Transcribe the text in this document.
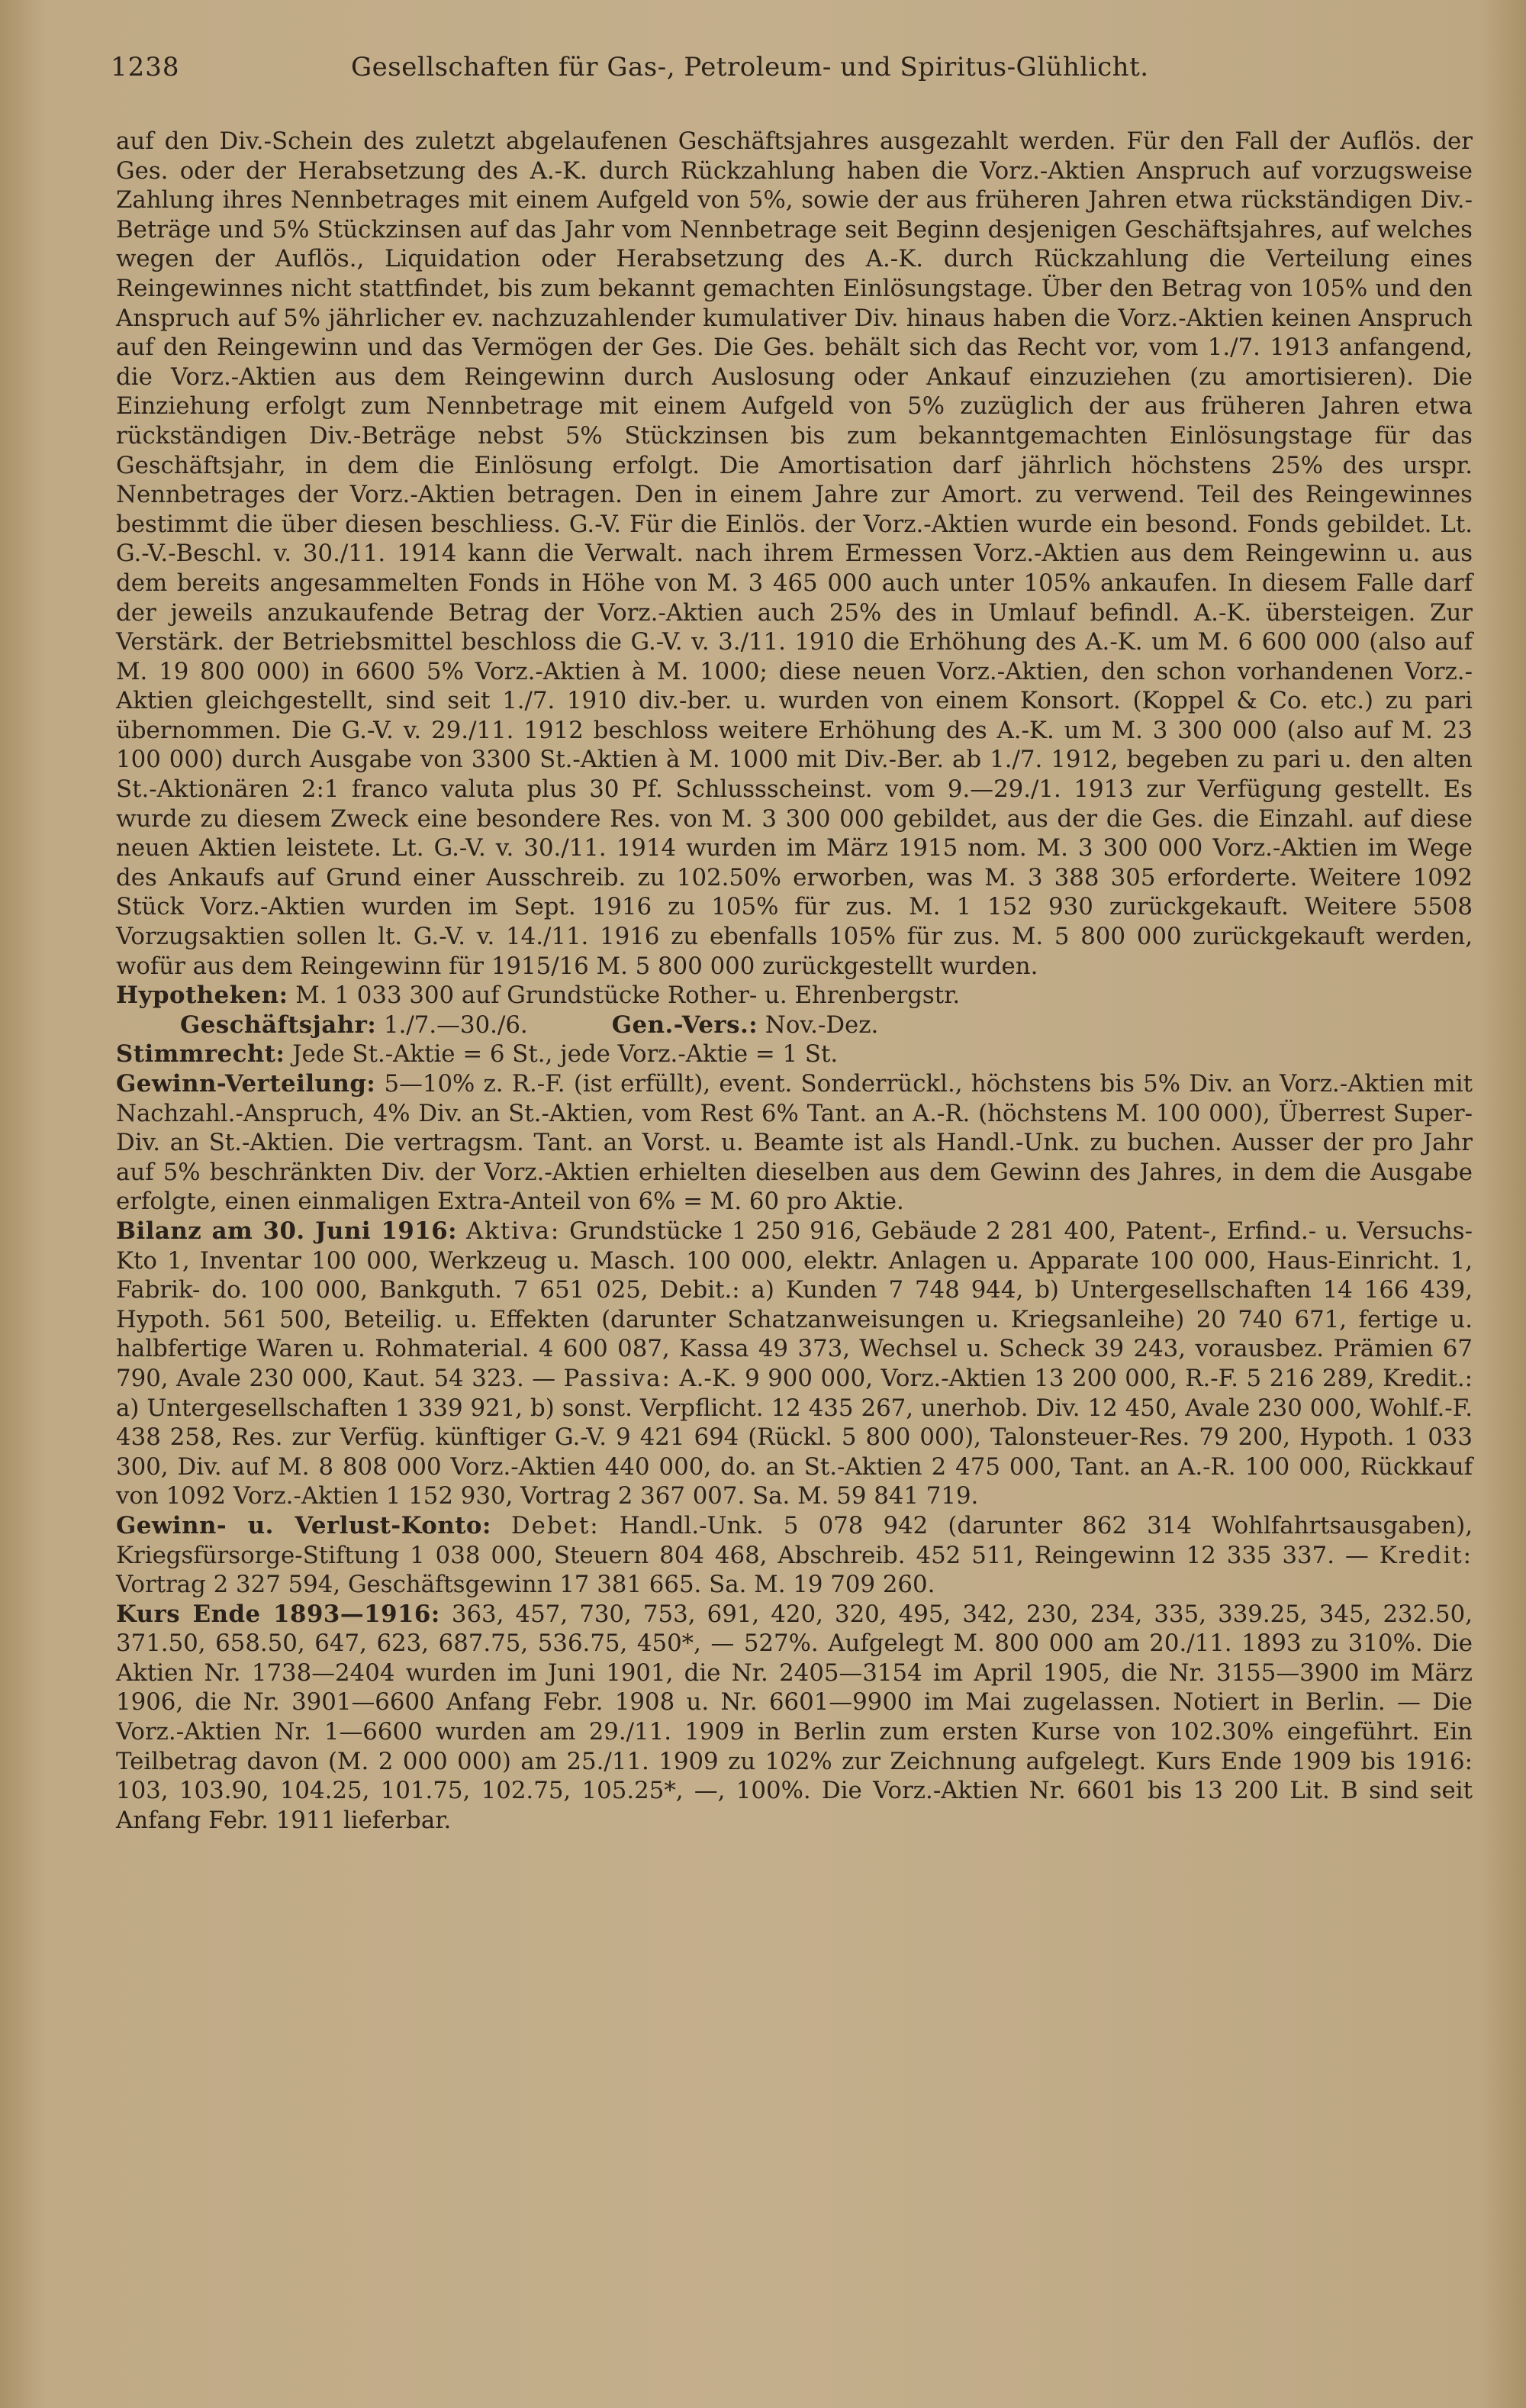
1238	Gesellschaften für Gas-, Petroleum- und Spiritus-Glühlicht.

auf den Div.-Schein des zuletzt abgelaufenen Geschäftsjahres ausgezahlt werden. Für den Fall der Auflös. der Ges. oder der Herabsetzung des A.-K. durch Rückzahlung haben die Vorz.-Aktien Anspruch auf vorzugsweise Zahlung ihres Nennbetrages mit einem Aufgeld von 5%, sowie der aus früheren Jahren etwa rückständigen Div.-Beträge und 5% Stückzinsen auf das Jahr vom Nennbetrage seit Beginn desjenigen Geschäftsjahres, auf welches wegen der Auflös., Liquidation oder Herabsetzung des A.-K. durch Rückzahlung die Verteilung eines Reingewinnes nicht stattfindet, bis zum bekannt gemachten Einlösungstage. Über den Betrag von 105% und den Anspruch auf 5% jährlicher ev. nachzuzahlender kumulativer Div. hinaus haben die Vorz.-Aktien keinen Anspruch auf den Reingewinn und das Vermögen der Ges. Die Ges. behält sich das Recht vor, vom 1./7. 1913 anfangend, die Vorz.-Aktien aus dem Reingewinn durch Auslosung oder Ankauf einzuziehen (zu amortisieren). Die Einziehung erfolgt zum Nennbetrage mit einem Aufgeld von 5% zuzüglich der aus früheren Jahren etwa rückständigen Div.-Beträge nebst 5% Stückzinsen bis zum bekanntgemachten Einlösungstage für das Geschäftsjahr, in dem die Einlösung erfolgt. Die Amortisation darf jährlich höchstens 25% des urspr. Nennbetrages der Vorz.-Aktien betragen. Den in einem Jahre zur Amort. zu verwend. Teil des Reingewinnes bestimmt die über diesen beschliess. G.-V. Für die Einlös. der Vorz.-Aktien wurde ein besond. Fonds gebildet. Lt. G.-V.-Beschl. v. 30./11. 1914 kann die Verwalt. nach ihrem Ermessen Vorz.-Aktien aus dem Reingewinn u. aus dem bereits angesammelten Fonds in Höhe von M. 3 465 000 auch unter 105% ankaufen. In diesem Falle darf der jeweils anzukaufende Betrag der Vorz.-Aktien auch 25% des in Umlauf befindl. A.-K. übersteigen. Zur Verstärk. der Betriebsmittel beschloss die G.-V. v. 3./11. 1910 die Erhöhung des A.-K. um M. 6 600 000 (also auf M. 19 800 000) in 6600 5% Vorz.-Aktien à M. 1000; diese neuen Vorz.-Aktien, den schon vorhandenen Vorz.-Aktien gleichgestellt, sind seit 1./7. 1910 div.-ber. u. wurden von einem Konsort. (Koppel & Co. etc.) zu pari übernommen. Die G.-V. v. 29./11. 1912 beschloss weitere Erhöhung des A.-K. um M. 3 300 000 (also auf M. 23 100 000) durch Ausgabe von 3300 St.-Aktien à M. 1000 mit Div.-Ber. ab 1./7. 1912, begeben zu pari u. den alten St.-Aktionären 2:1 franco valuta plus 30 Pf. Schlussscheinst. vom 9.—29./1. 1913 zur Verfügung gestellt. Es wurde zu diesem Zweck eine besondere Res. von M. 3 300 000 gebildet, aus der die Ges. die Einzahl. auf diese neuen Aktien leistete. Lt. G.-V. v. 30./11. 1914 wurden im März 1915 nom. M. 3 300 000 Vorz.-Aktien im Wege des Ankaufs auf Grund einer Ausschreib. zu 102.50% erworben, was M. 3 388 305 erforderte. Weitere 1092 Stück Vorz.-Aktien wurden im Sept. 1916 zu 105% für zus. M. 1 152 930 zurückgekauft. Weitere 5508 Vorzugsaktien sollen lt. G.-V. v. 14./11. 1916 zu ebenfalls 105% für zus. M. 5 800 000 zurückgekauft werden, wofür aus dem Reingewinn für 1915/16 M. 5 800 000 zurückgestellt wurden.

Hypotheken: M. 1 033 300 auf Grundstücke Rother- u. Ehrenbergstr.

Geschäftsjahr: 1./7.—30./6.	Gen.-Vers.: Nov.-Dez.

Stimmrecht: Jede St.-Aktie = 6 St., jede Vorz.-Aktie = 1 St.

Gewinn-Verteilung: 5—10% z. R.-F. (ist erfüllt), event. Sonderrückl., höchstens bis 5% Div. an Vorz.-Aktien mit Nachzahl.-Anspruch, 4% Div. an St.-Aktien, vom Rest 6% Tant. an A.-R. (höchstens M. 100 000), Überrest Super-Div. an St.-Aktien. Die vertragsm. Tant. an Vorst. u. Beamte ist als Handl.-Unk. zu buchen. Ausser der pro Jahr auf 5% beschränkten Div. der Vorz.-Aktien erhielten dieselben aus dem Gewinn des Jahres, in dem die Ausgabe erfolgte, einen einmaligen Extra-Anteil von 6% = M. 60 pro Aktie.

Bilanz am 30. Juni 1916: Aktiva: Grundstücke 1 250 916, Gebäude 2 281 400, Patent-, Erfind.- u. Versuchs-Kto 1, Inventar 100 000, Werkzeug u. Masch. 100 000, elektr. Anlagen u. Apparate 100 000, Haus-Einricht. 1, Fabrik- do. 100 000, Bankguth. 7 651 025, Debit.: a) Kunden 7 748 944, b) Untergesellschaften 14 166 439, Hypoth. 561 500, Beteilig. u. Effekten (darunter Schatzanweisungen u. Kriegsanleihe) 20 740 671, fertige u. halbfertige Waren u. Rohmaterial. 4 600 087, Kassa 49 373, Wechsel u. Scheck 39 243, vorausbez. Prämien 67 790, Avale 230 000, Kaut. 54 323. — Passiva: A.-K. 9 900 000, Vorz.-Aktien 13 200 000, R.-F. 5 216 289, Kredit.: a) Untergesellschaften 1 339 921, b) sonst. Verpflicht. 12 435 267, unerhob. Div. 12 450, Avale 230 000, Wohlf.-F. 438 258, Res. zur Verfüg. künftiger G.-V. 9 421 694 (Rückl. 5 800 000), Talonsteuer-Res. 79 200, Hypoth. 1 033 300, Div. auf M. 8 808 000 Vorz.-Aktien 440 000, do. an St.-Aktien 2 475 000, Tant. an A.-R. 100 000, Rückkauf von 1092 Vorz.-Aktien 1 152 930, Vortrag 2 367 007. Sa. M. 59 841 719.

Gewinn- u. Verlust-Konto: Debet: Handl.-Unk. 5 078 942 (darunter 862 314 Wohlfahrtsausgaben), Kriegsfürsorge-Stiftung 1 038 000, Steuern 804 468, Abschreib. 452 511, Reingewinn 12 335 337. — Kredit: Vortrag 2 327 594, Geschäftsgewinn 17 381 665. Sa. M. 19 709 260.

Kurs Ende 1893—1916: 363, 457, 730, 753, 691, 420, 320, 495, 342, 230, 234, 335, 339.25, 345, 232.50, 371.50, 658.50, 647, 623, 687.75, 536.75, 450*, — 527%. Aufgelegt M. 800 000 am 20./11. 1893 zu 310%. Die Aktien Nr. 1738—2404 wurden im Juni 1901, die Nr. 2405—3154 im April 1905, die Nr. 3155—3900 im März 1906, die Nr. 3901—6600 Anfang Febr. 1908 u. Nr. 6601—9900 im Mai zugelassen. Notiert in Berlin. — Die Vorz.-Aktien Nr. 1—6600 wurden am 29./11. 1909 in Berlin zum ersten Kurse von 102.30% eingeführt. Ein Teilbetrag davon (M. 2 000 000) am 25./11. 1909 zu 102% zur Zeichnung aufgelegt. Kurs Ende 1909 bis 1916: 103, 103.90, 104.25, 101.75, 102.75, 105.25*, —, 100%. Die Vorz.-Aktien Nr. 6601 bis 13 200 Lit. B sind seit Anfang Febr. 1911 lieferbar.
